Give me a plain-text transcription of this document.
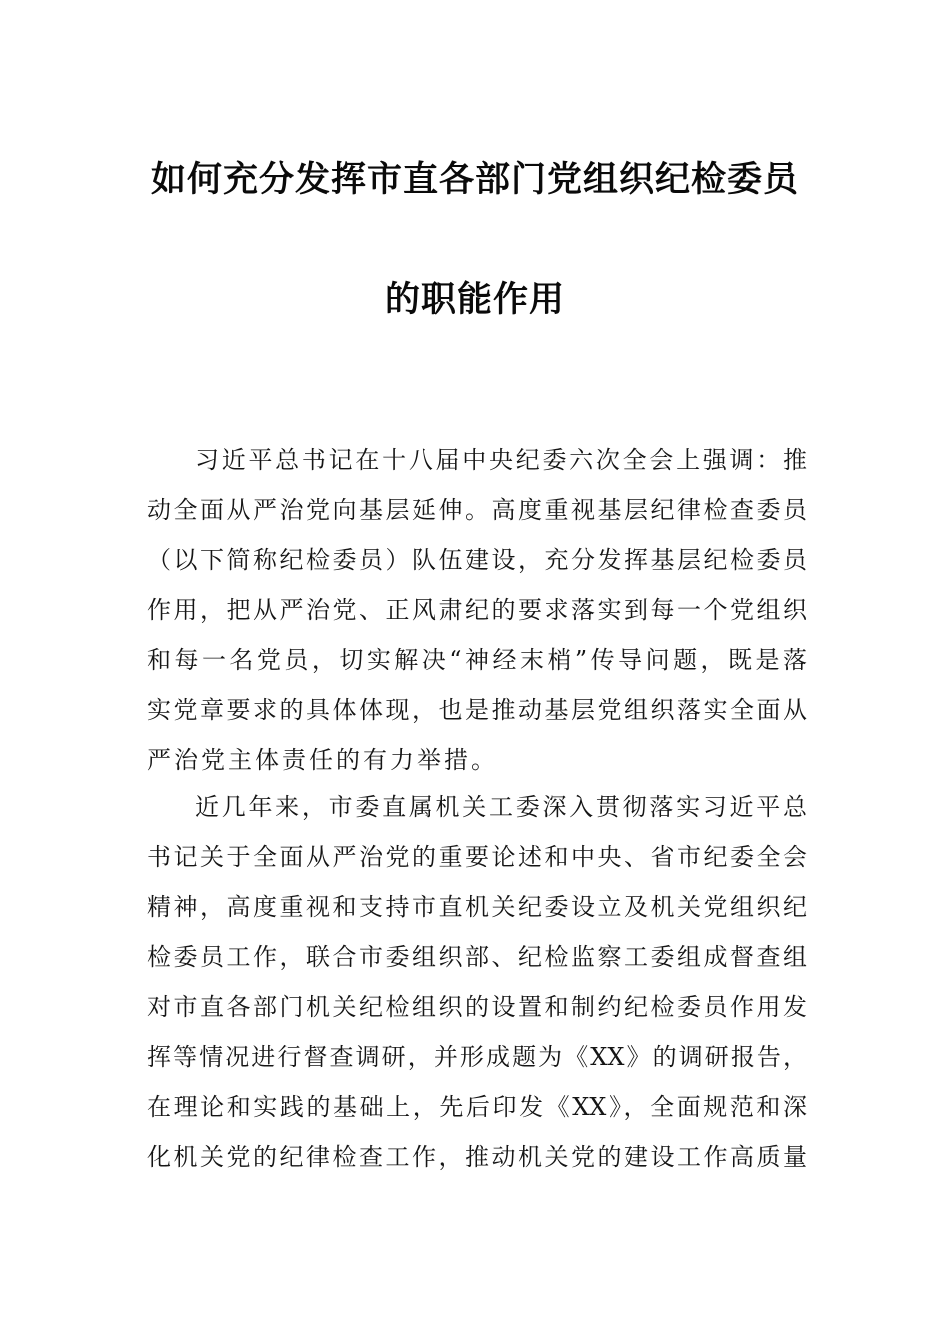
如何充分发挥市直各部门党组织纪检委员
的职能作用
习近平总书记在十八届中央纪委六次全会上强调：推
动全面从严治党向基层延伸。高度重视基层纪律检查委员
（以下简称纪检委员）队伍建设，充分发挥基层纪检委员
作用，把从严治党、正风肃纪的要求落实到每一个党组织
和每一名党员，切实解决“神经末梢”传导问题，既是落
实党章要求的具体体现，也是推动基层党组织落实全面从
严治党主体责任的有力举措。
近几年来，市委直属机关工委深入贯彻落实习近平总
书记关于全面从严治党的重要论述和中央、省市纪委全会
精神，高度重视和支持市直机关纪委设立及机关党组织纪
检委员工作，联合市委组织部、纪检监察工委组成督查组
对市直各部门机关纪检组织的设置和制约纪检委员作用发
挥等情况进行督查调研，并形成题为《XX》的调研报告，
在理论和实践的基础上，先后印发《XX》，全面规范和深
化机关党的纪律检查工作，推动机关党的建设工作高质量
